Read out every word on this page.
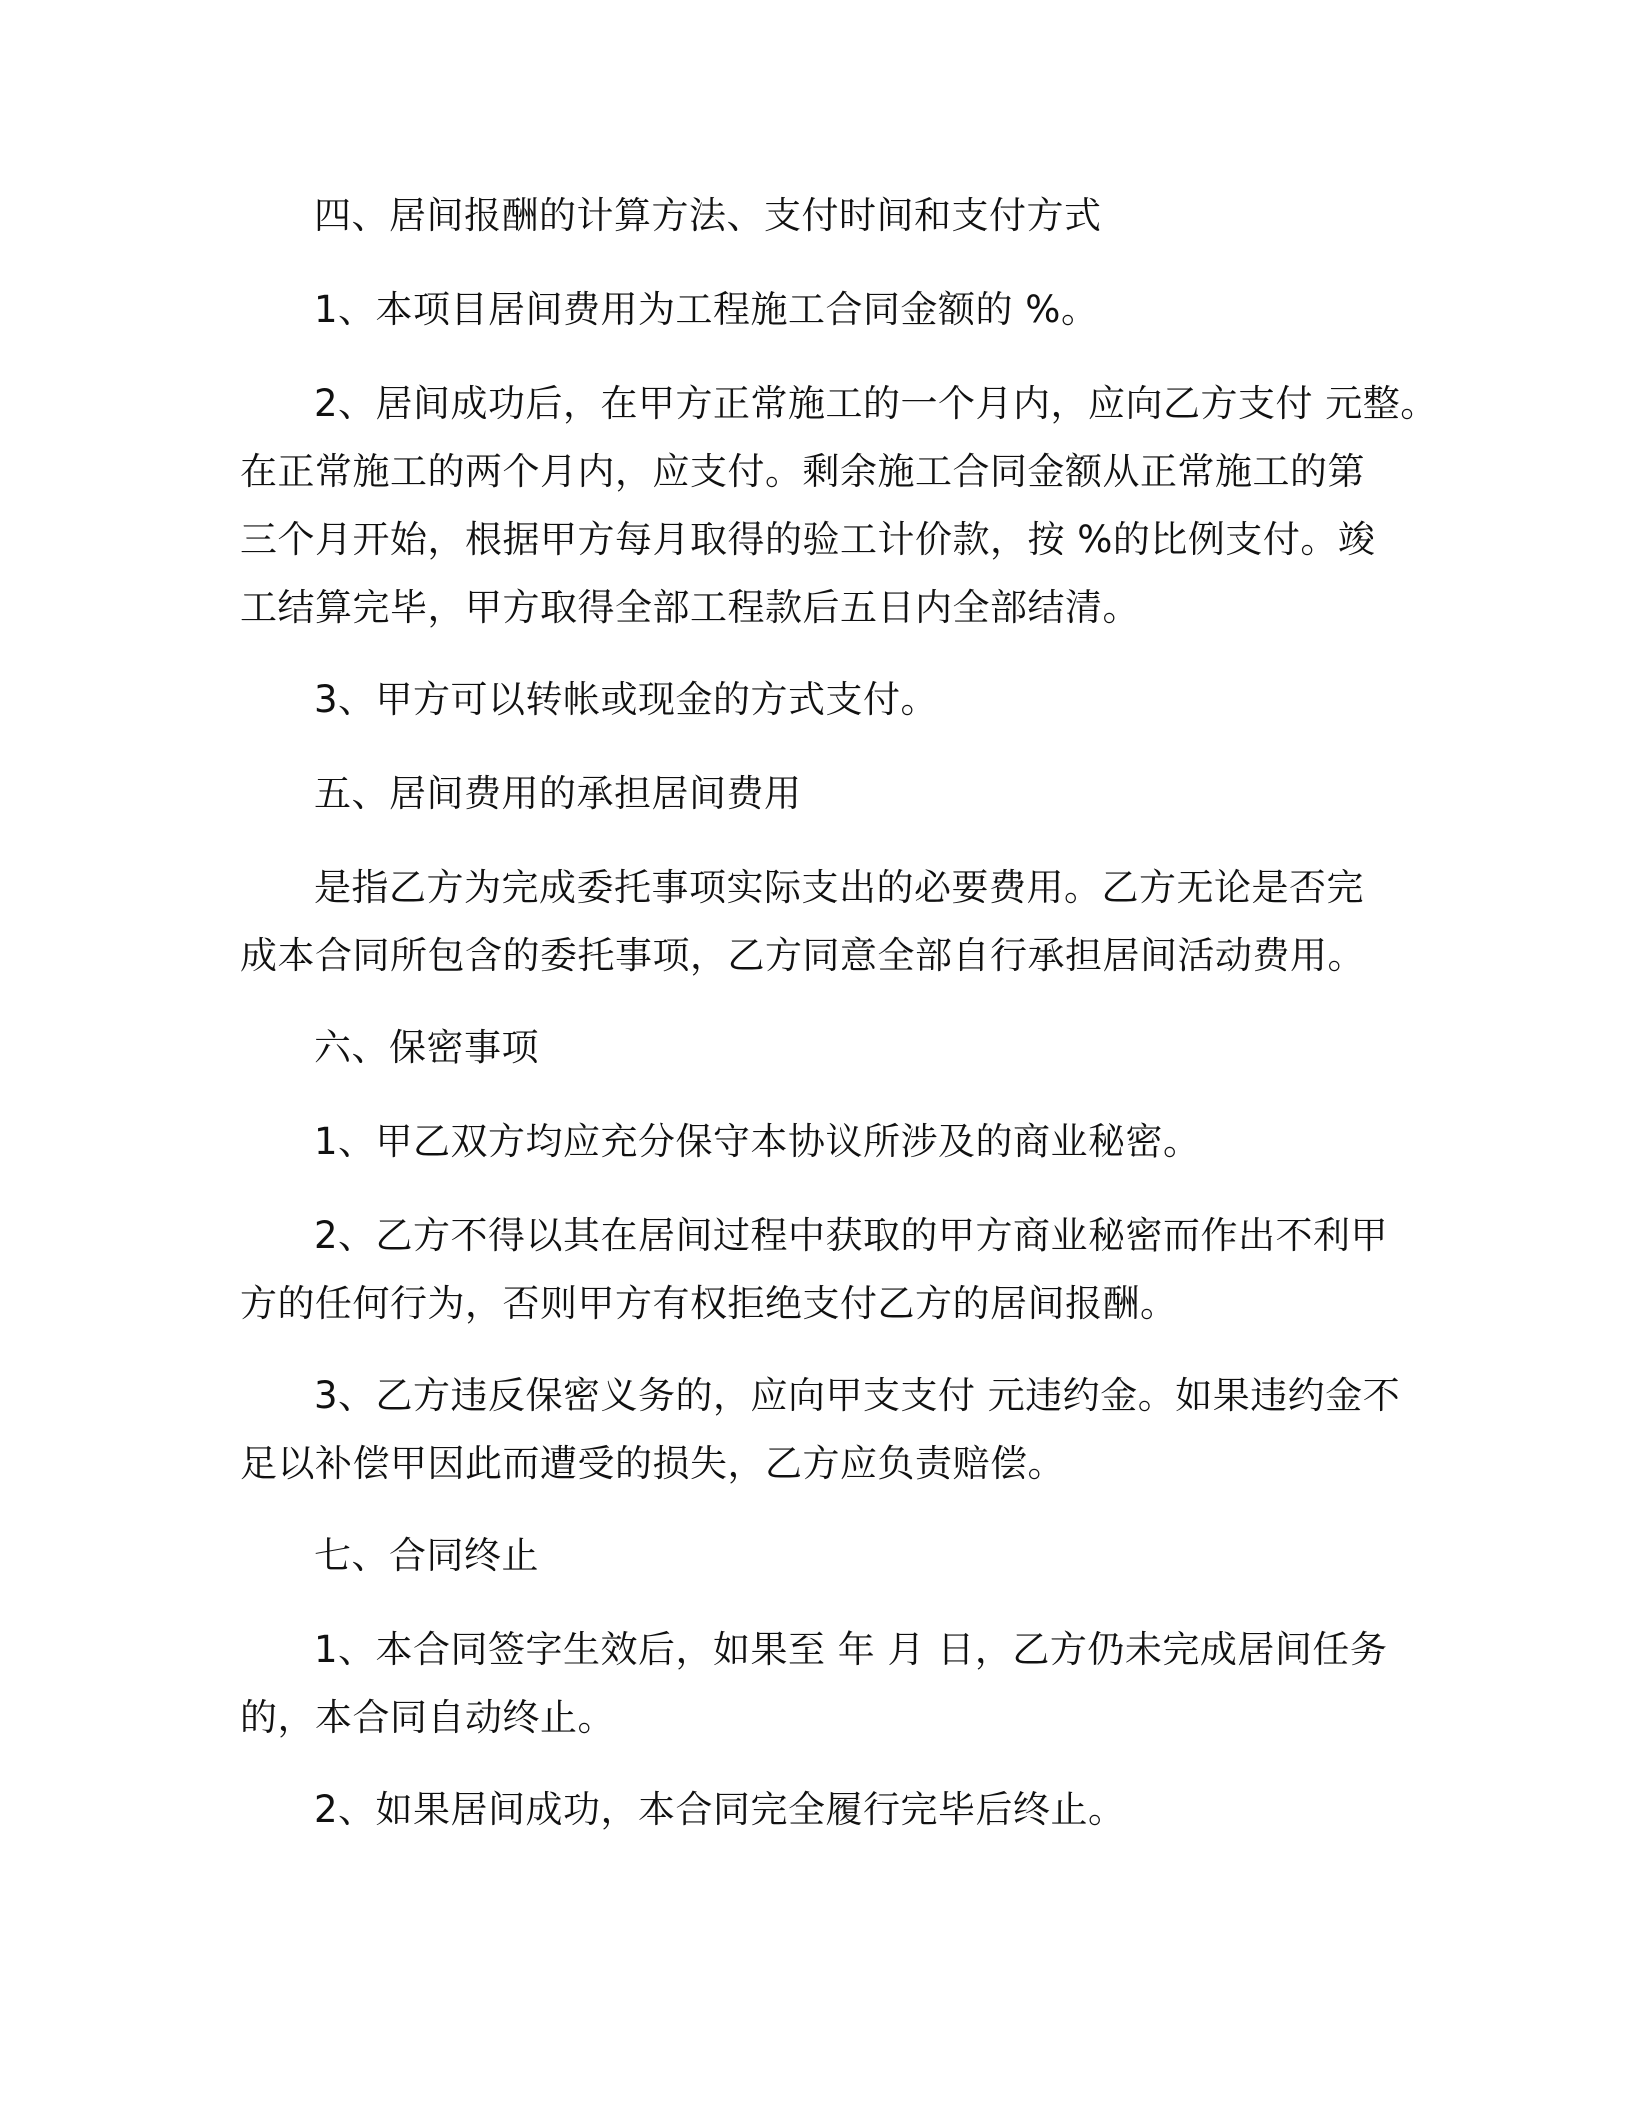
四、居间报酬的计算方法、支付时间和支付方式
1、本项目居间费用为工程施工合同金额的 %。
2、居间成功后，在甲方正常施工的一个月内，应向乙方支付 元整。
在正常施工的两个月内，应支付。剩余施工合同金额从正常施工的第
三个月开始，根据甲方每月取得的验工计价款，按 %的比例支付。竣
工结算完毕，甲方取得全部工程款后五日内全部结清。
3、甲方可以转帐或现金的方式支付。
五、居间费用的承担居间费用
是指乙方为完成委托事项实际支出的必要费用。乙方无论是否完
成本合同所包含的委托事项，乙方同意全部自行承担居间活动费用。
六、保密事项
1、甲乙双方均应充分保守本协议所涉及的商业秘密。
2、乙方不得以其在居间过程中获取的甲方商业秘密而作出不利甲
方的任何行为，否则甲方有权拒绝支付乙方的居间报酬。
3、乙方违反保密义务的，应向甲支支付 元违约金。如果违约金不
足以补偿甲因此而遭受的损失，乙方应负责赔偿。
七、合同终止
1、本合同签字生效后，如果至 年 月 日，乙方仍未完成居间任务
的，本合同自动终止。
2、如果居间成功，本合同完全履行完毕后终止。
